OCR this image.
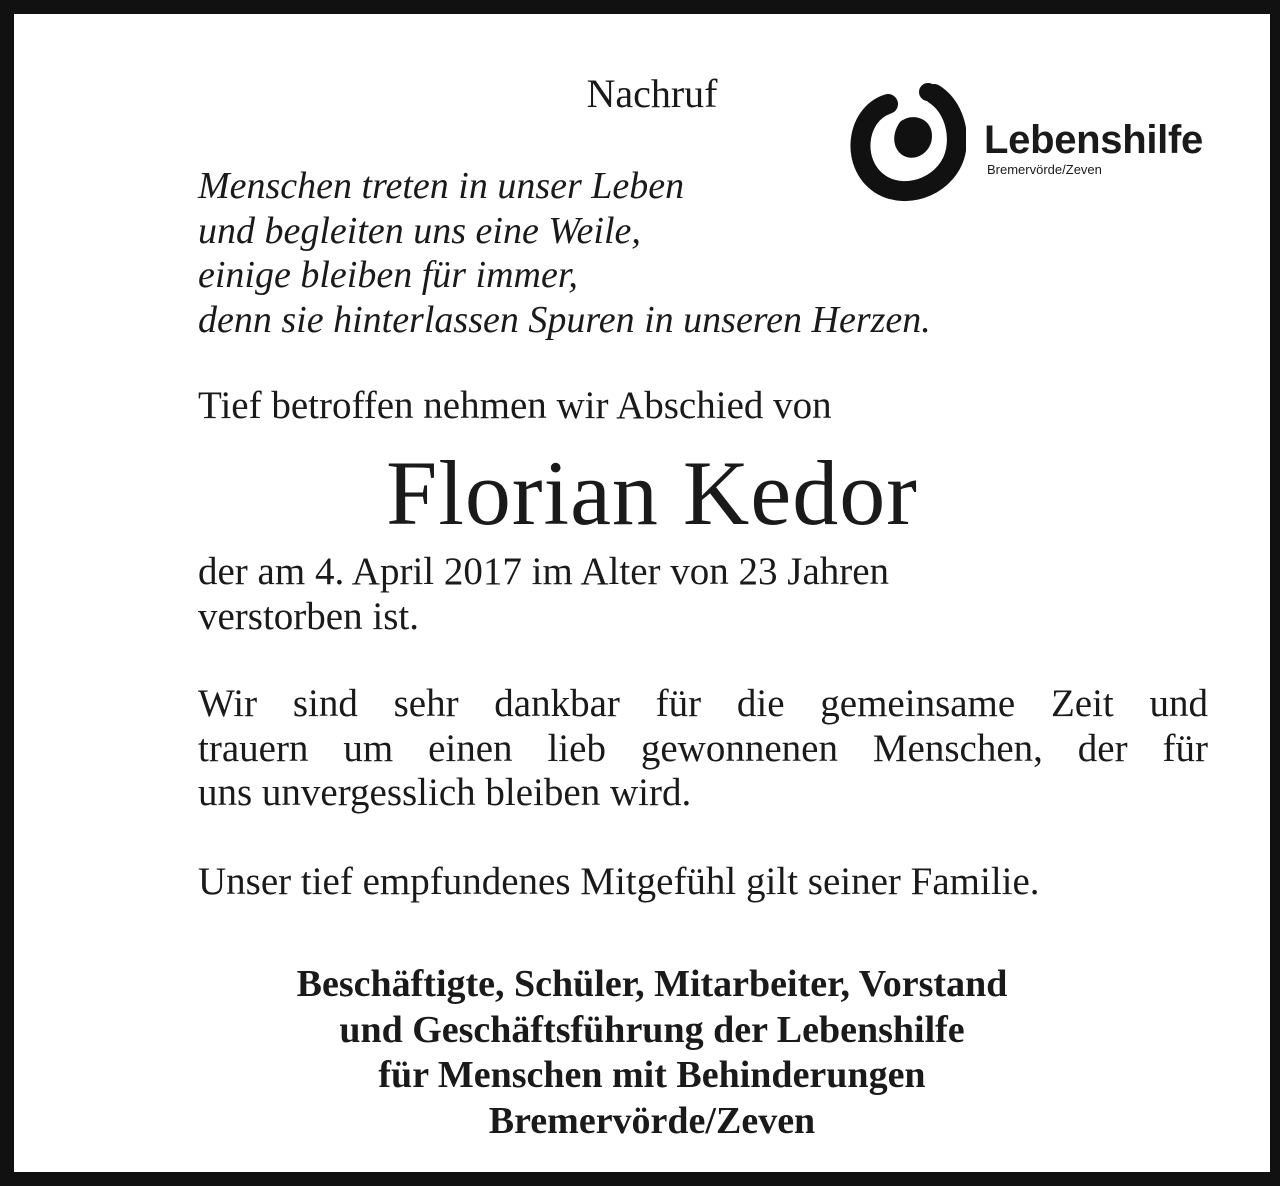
Nachruf

Lebenshilfe
Bremervörde/Zeven
Menschen treten in unser Leben
und begleiten uns eine Weile,
einige bleiben für immer,
denn sie hinterlassen Spuren in unseren Herzen.

Tief betroffen nehmen wir Abschied von

Florian Kedor

der am 4. April 2017 im Alter von 23 Jahren
verstorben ist.
Wir sind sehr dankbar für die gemeinsame Zeit und
trauern um einen lieb gewonnenen Menschen, der für
uns unvergesslich bleiben wird.
Unser tief empfundenes Mitgefühl gilt seiner Familie.
Beschäftigte, Schüler, Mitarbeiter, Vorstand
und Geschäftsführung der Lebenshilfe
für Menschen mit Behinderungen
Bremervörde/Zeven
